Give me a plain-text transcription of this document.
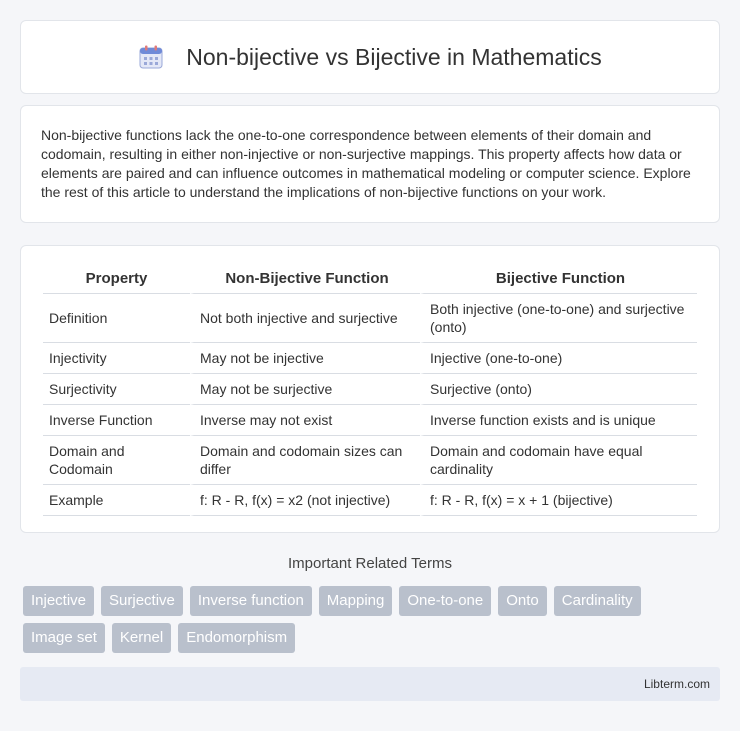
Non-bijective vs Bijective in Mathematics

Non-bijective functions lack the one-to-one correspondence between elements of their domain and codomain, resulting in either non-injective or non-surjective mappings. This property affects how data or elements are paired and can influence outcomes in mathematical modeling or computer science. Explore the rest of this article to understand the implications of non-bijective functions on your work.

Property	Non-Bijective Function	Bijective Function
Definition	Not both injective and surjective	Both injective (one-to-one) and surjective (onto)
Injectivity	May not be injective	Injective (one-to-one)
Surjectivity	May not be surjective	Surjective (onto)
Inverse Function	Inverse may not exist	Inverse function exists and is unique
Domain and Codomain	Domain and codomain sizes can differ	Domain and codomain have equal cardinality
Example	f: R - R, f(x) = x2 (not injective)	f: R - R, f(x) = x + 1 (bijective)
Important Related Terms
Injective	Surjective	Inverse function	Mapping	One-to-one	Onto	Cardinality
Image set	Kernel	Endomorphism
Libterm.com
